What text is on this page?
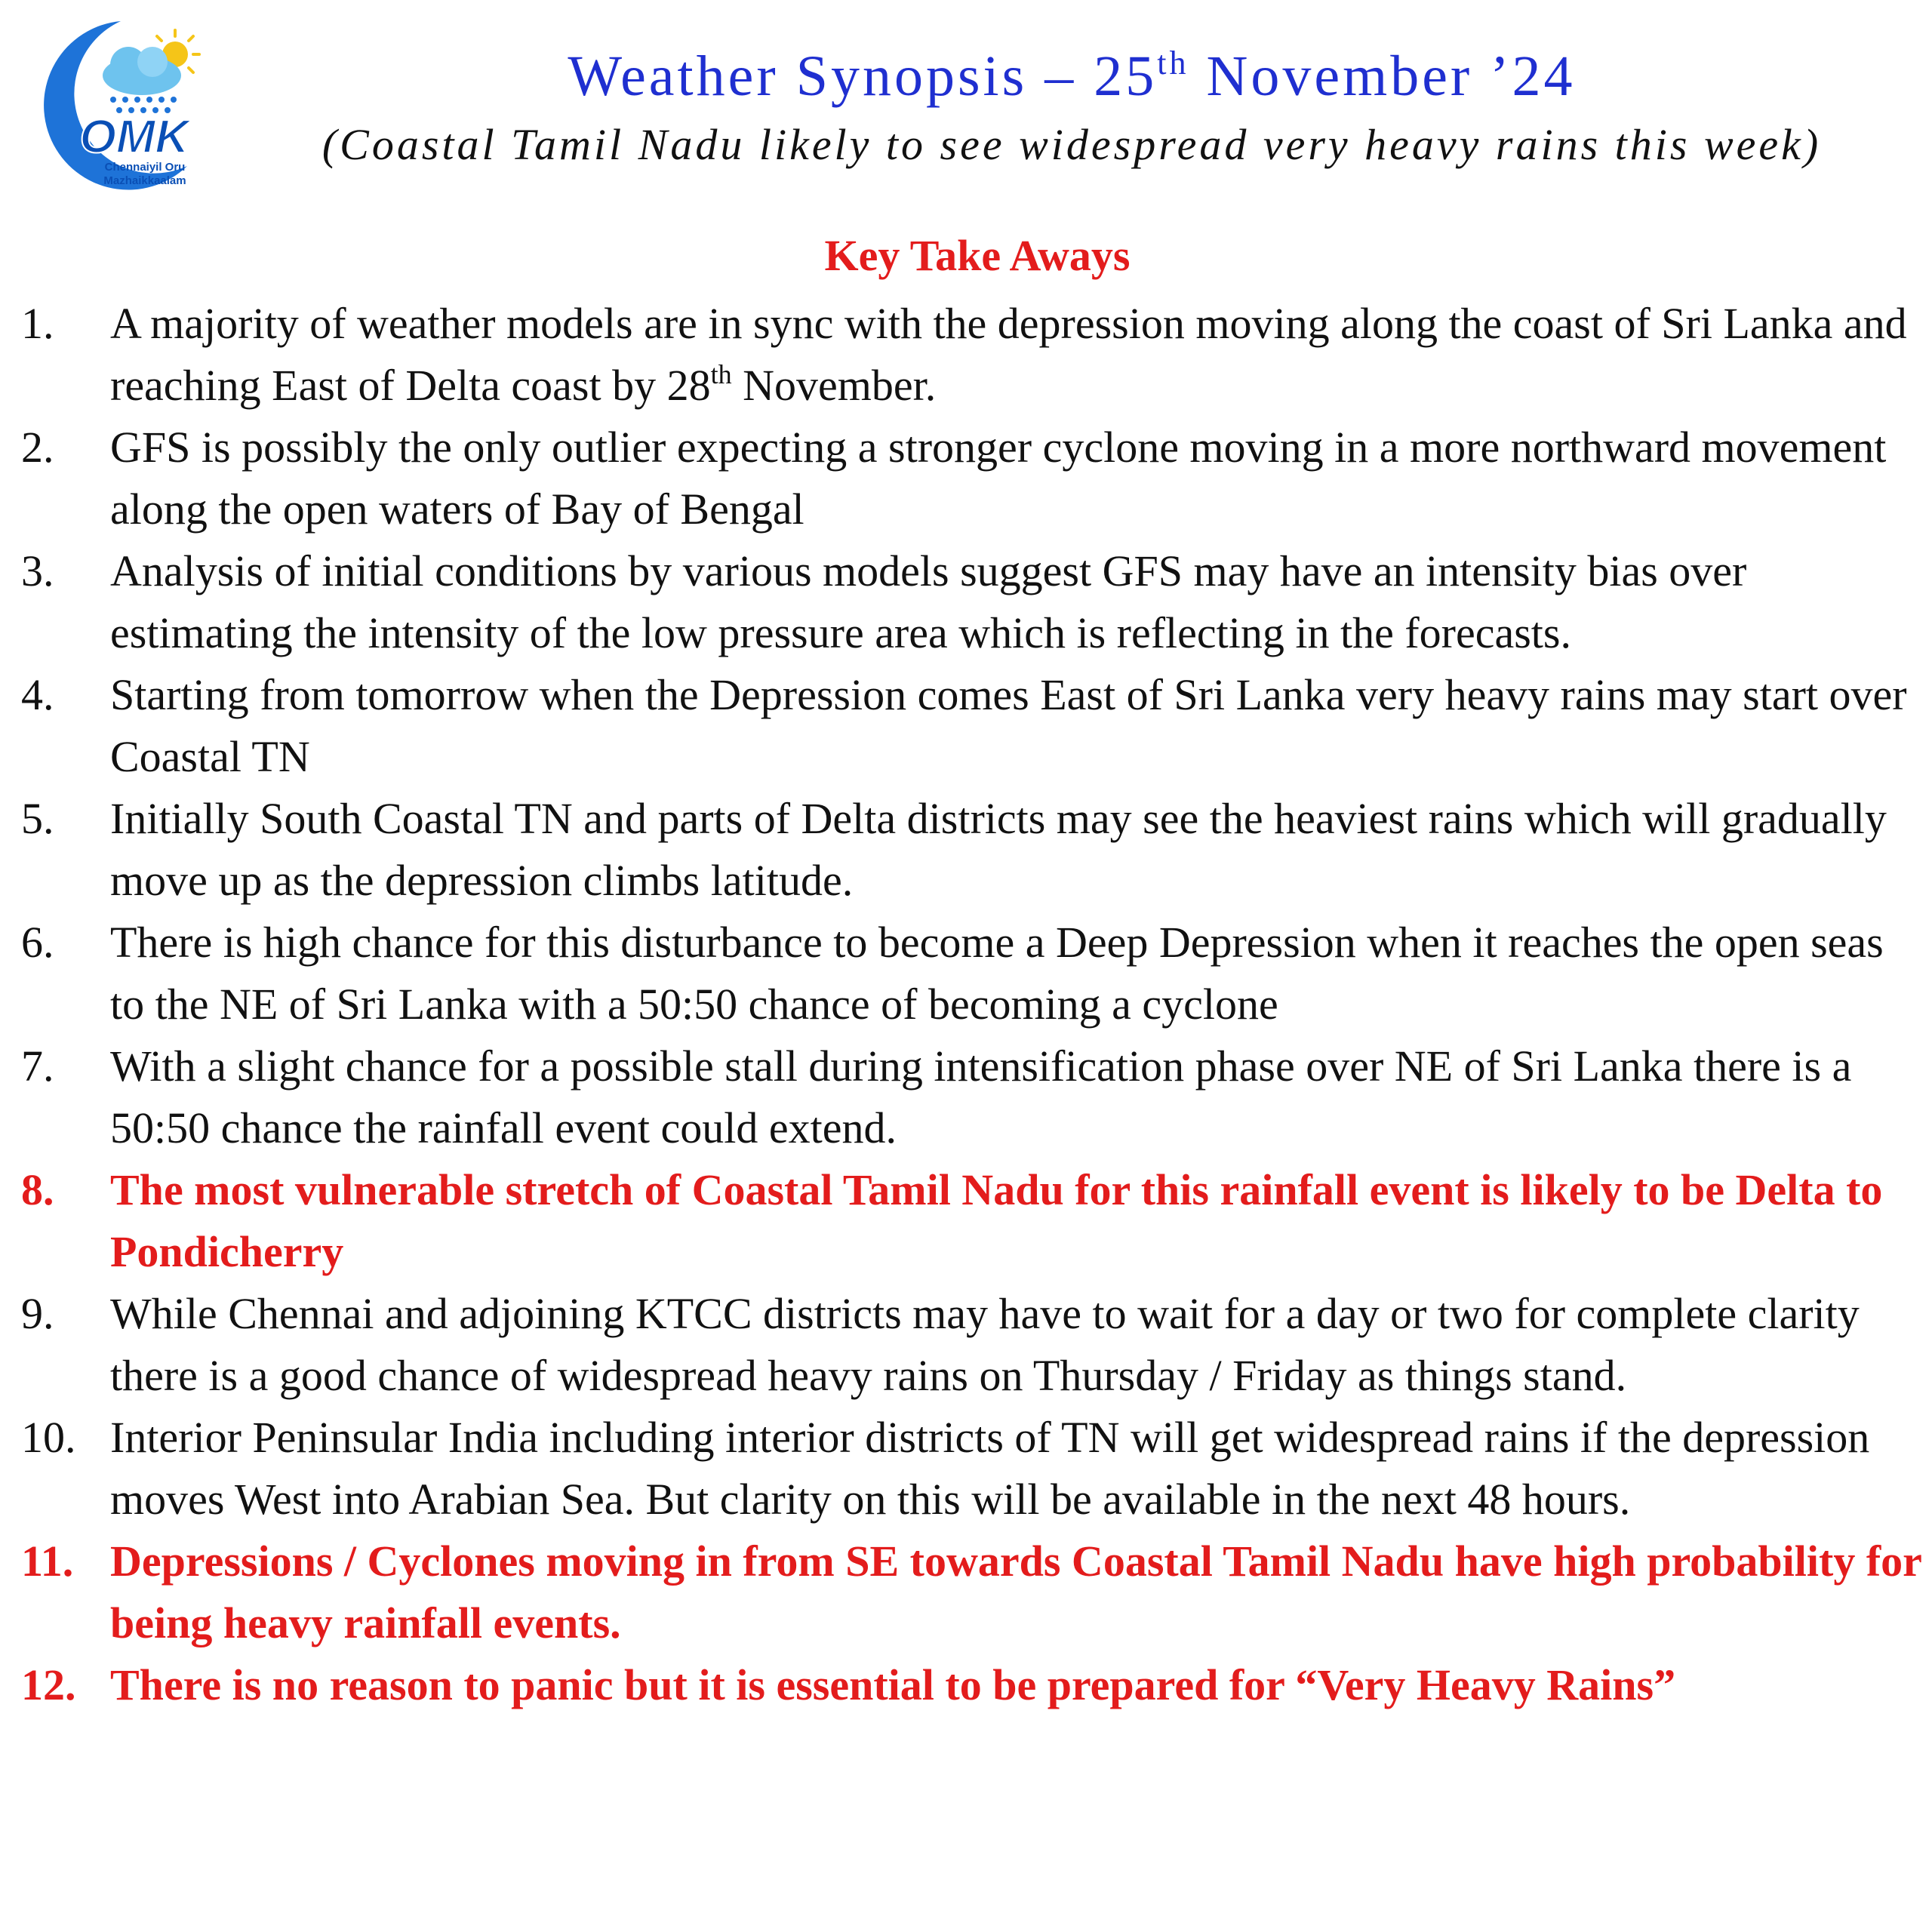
OMK
Chennaiyil Oru
Mazhaikkaalam
Weather Synopsis – 25th November ’24
(Coastal Tamil Nadu likely to see widespread very heavy rains this week)
Key Take Aways
1. A majority of weather models are in sync with the depression moving along the coast of Sri Lanka and reaching East of Delta coast by 28th November.
2. GFS is possibly the only outlier expecting a stronger cyclone moving in a more northward movement along the open waters of Bay of Bengal
3. Analysis of initial conditions by various models suggest GFS may have an intensity bias over estimating the intensity of the low pressure area which is reflecting in the forecasts.
4. Starting from tomorrow when the Depression comes East of Sri Lanka very heavy rains may start over Coastal TN
5. Initially South Coastal TN and parts of Delta districts may see the heaviest rains which will gradually move up as the depression climbs latitude.
6. There is high chance for this disturbance to become a Deep Depression when it reaches the open seas to the NE of Sri Lanka with a 50:50 chance of becoming a cyclone
7. With a slight chance for a possible stall during intensification phase over NE of Sri Lanka there is a 50:50 chance the rainfall event could extend.
8. The most vulnerable stretch of Coastal Tamil Nadu for this rainfall event is likely to be Delta to Pondicherry
9. While Chennai and adjoining KTCC districts may have to wait for a day or two for complete clarity there is a good chance of widespread heavy rains on Thursday / Friday as things stand.
10. Interior Peninsular India including interior districts of TN will get widespread rains if the depression moves West into Arabian Sea. But clarity on this will be available in the next 48 hours.
11. Depressions / Cyclones moving in from SE towards Coastal Tamil Nadu have high probability for being heavy rainfall events.
12. There is no reason to panic but it is essential to be prepared for “Very Heavy Rains”
